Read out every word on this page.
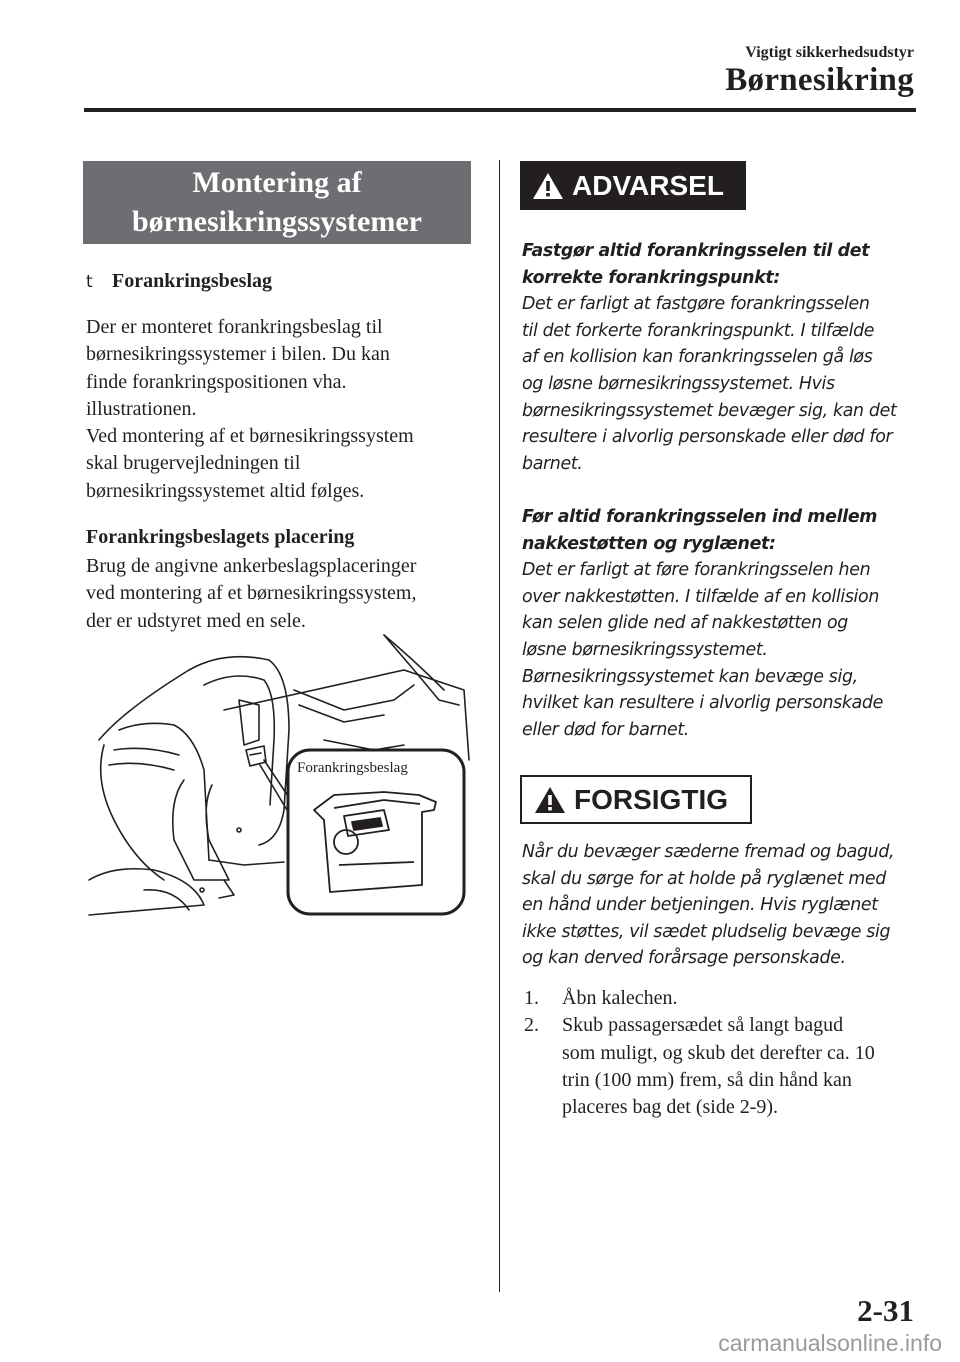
Vigtigt sikkerhedsudstyr
Børnesikring
Montering af
børnesikringssystemer
t Forankringsbeslag
Der er monteret forankringsbeslag til
børnesikringssystemer i bilen. Du kan
finde forankringspositionen vha.
illustrationen.
Ved montering af et børnesikringssystem
skal brugervejledningen til
børnesikringssystemet altid følges.
Forankringsbeslagets placering
Brug de angivne ankerbeslagsplaceringer
ved montering af et børnesikringssystem,
der er udstyret med en sele.
Forankringsbeslag
ADVARSEL
Fastgør altid forankringsselen til det
korrekte forankringspunkt:
Det er farligt at fastgøre forankringsselen
til det forkerte forankringspunkt. I tilfælde
af en kollision kan forankringsselen gå løs
og løsne børnesikringssystemet. Hvis
børnesikringssystemet bevæger sig, kan det
resultere i alvorlig personskade eller død for
barnet.
Før altid forankringsselen ind mellem
nakkestøtten og ryglænet:
Det er farligt at føre forankringsselen hen
over nakkestøtten. I tilfælde af en kollision
kan selen glide ned af nakkestøtten og
løsne børnesikringssystemet.
Børnesikringssystemet kan bevæge sig,
hvilket kan resultere i alvorlig personskade
eller død for barnet.
FORSIGTIG
Når du bevæger sæderne fremad og bagud,
skal du sørge for at holde på ryglænet med
en hånd under betjeningen. Hvis ryglænet
ikke støttes, vil sædet pludselig bevæge sig
og kan derved forårsage personskade.
1.	Åbn kalechen.
2.	Skub passagersædet så langt bagud
som muligt, og skub det derefter ca. 10
trin (100 mm) frem, så din hånd kan
placeres bag det (side 2-9).
2-31
carmanualsonline.info
